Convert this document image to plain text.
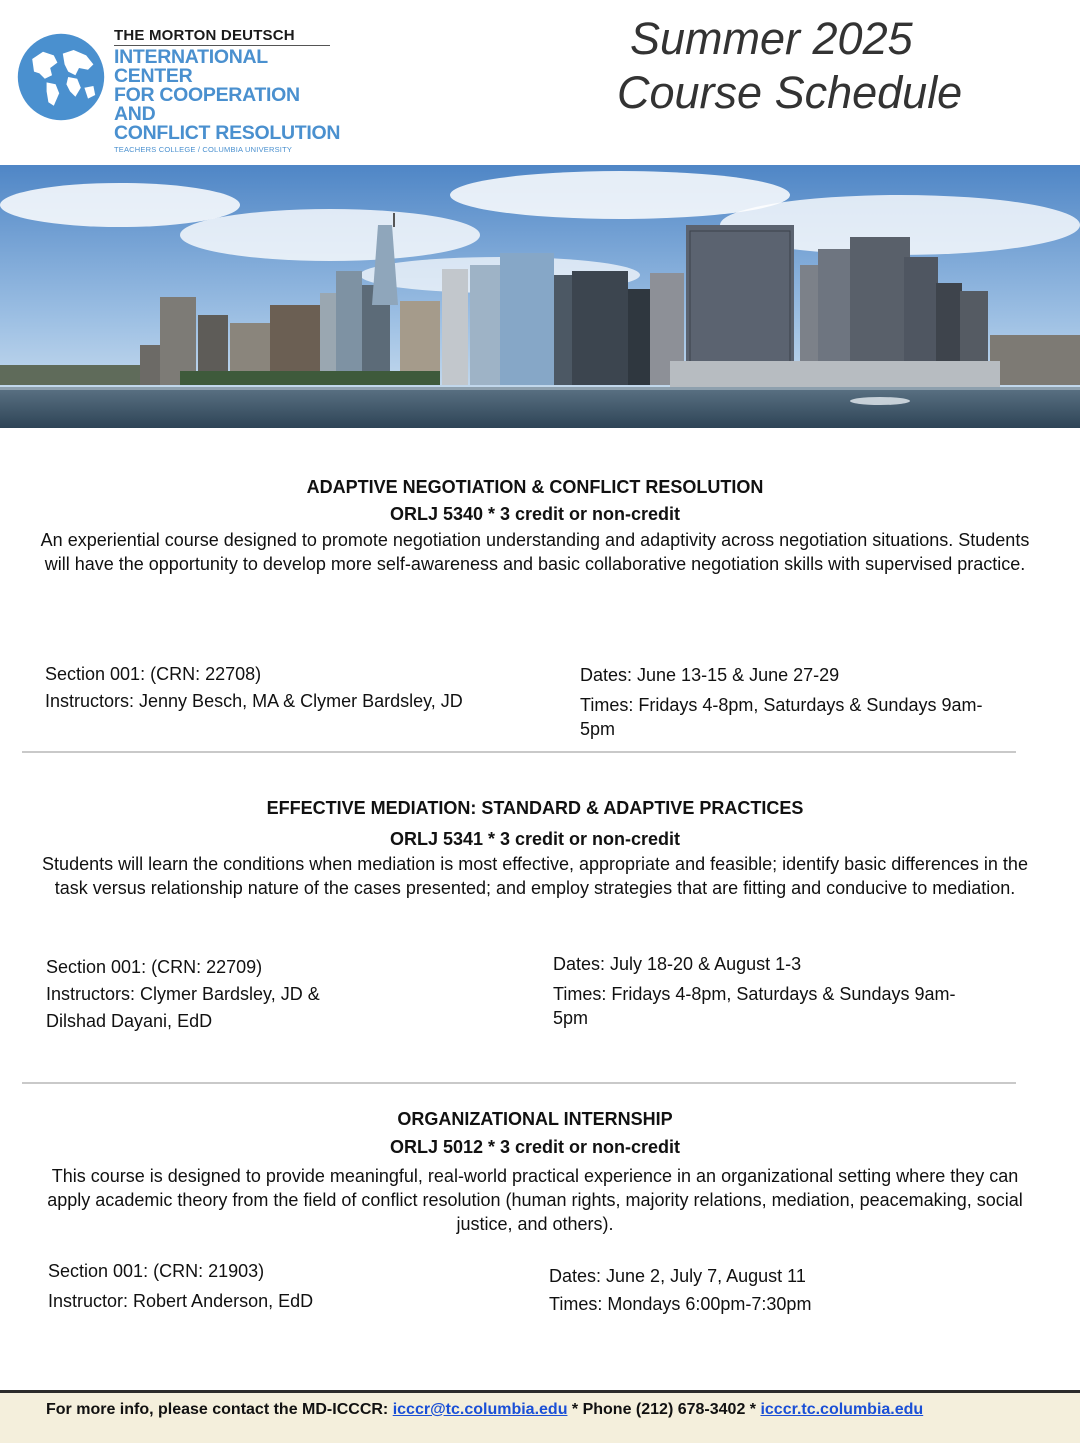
THE MORTON DEUTSCH
INTERNATIONAL CENTER
FOR COOPERATION AND
CONFLICT RESOLUTION
TEACHERS COLLEGE / COLUMBIA UNIVERSITY
Summer 2025
Course Schedule
ADAPTIVE NEGOTIATION & CONFLICT RESOLUTION
ORLJ 5340 * 3 credit or non-credit
An experiential course designed to promote negotiation understanding and adaptivity across negotiation situations. Students will have the opportunity to develop more self-awareness and basic collaborative negotiation skills with supervised practice.
Section 001: (CRN: 22708)
Instructors: Jenny Besch, MA & Clymer Bardsley, JD
Dates: June 13-15 & June 27-29
Times: Fridays 4-8pm, Saturdays & Sundays 9am-5pm
EFFECTIVE MEDIATION: STANDARD & ADAPTIVE PRACTICES
ORLJ 5341 * 3 credit or non-credit
Students will learn the conditions when mediation is most effective, appropriate and feasible; identify basic differences in the task versus relationship nature of the cases presented; and employ strategies that are fitting and conducive to mediation.
Section 001: (CRN: 22709)
Instructors: Clymer Bardsley, JD &
Dilshad Dayani, EdD
Dates: July 18-20 & August 1-3
Times: Fridays 4-8pm, Saturdays & Sundays 9am-5pm
ORGANIZATIONAL INTERNSHIP
ORLJ 5012 * 3 credit or non-credit
This course is designed to provide meaningful, real-world practical experience in an organizational setting where they can apply academic theory from the field of conflict resolution (human rights, majority relations, mediation, peacemaking, social justice, and others).
Section 001: (CRN: 21903)
Instructor: Robert Anderson, EdD
Dates: June 2, July 7, August 11
Times: Mondays 6:00pm-7:30pm
For more info, please contact the MD-ICCCR: icccr@tc.columbia.edu * Phone (212) 678-3402 * icccr.tc.columbia.edu
